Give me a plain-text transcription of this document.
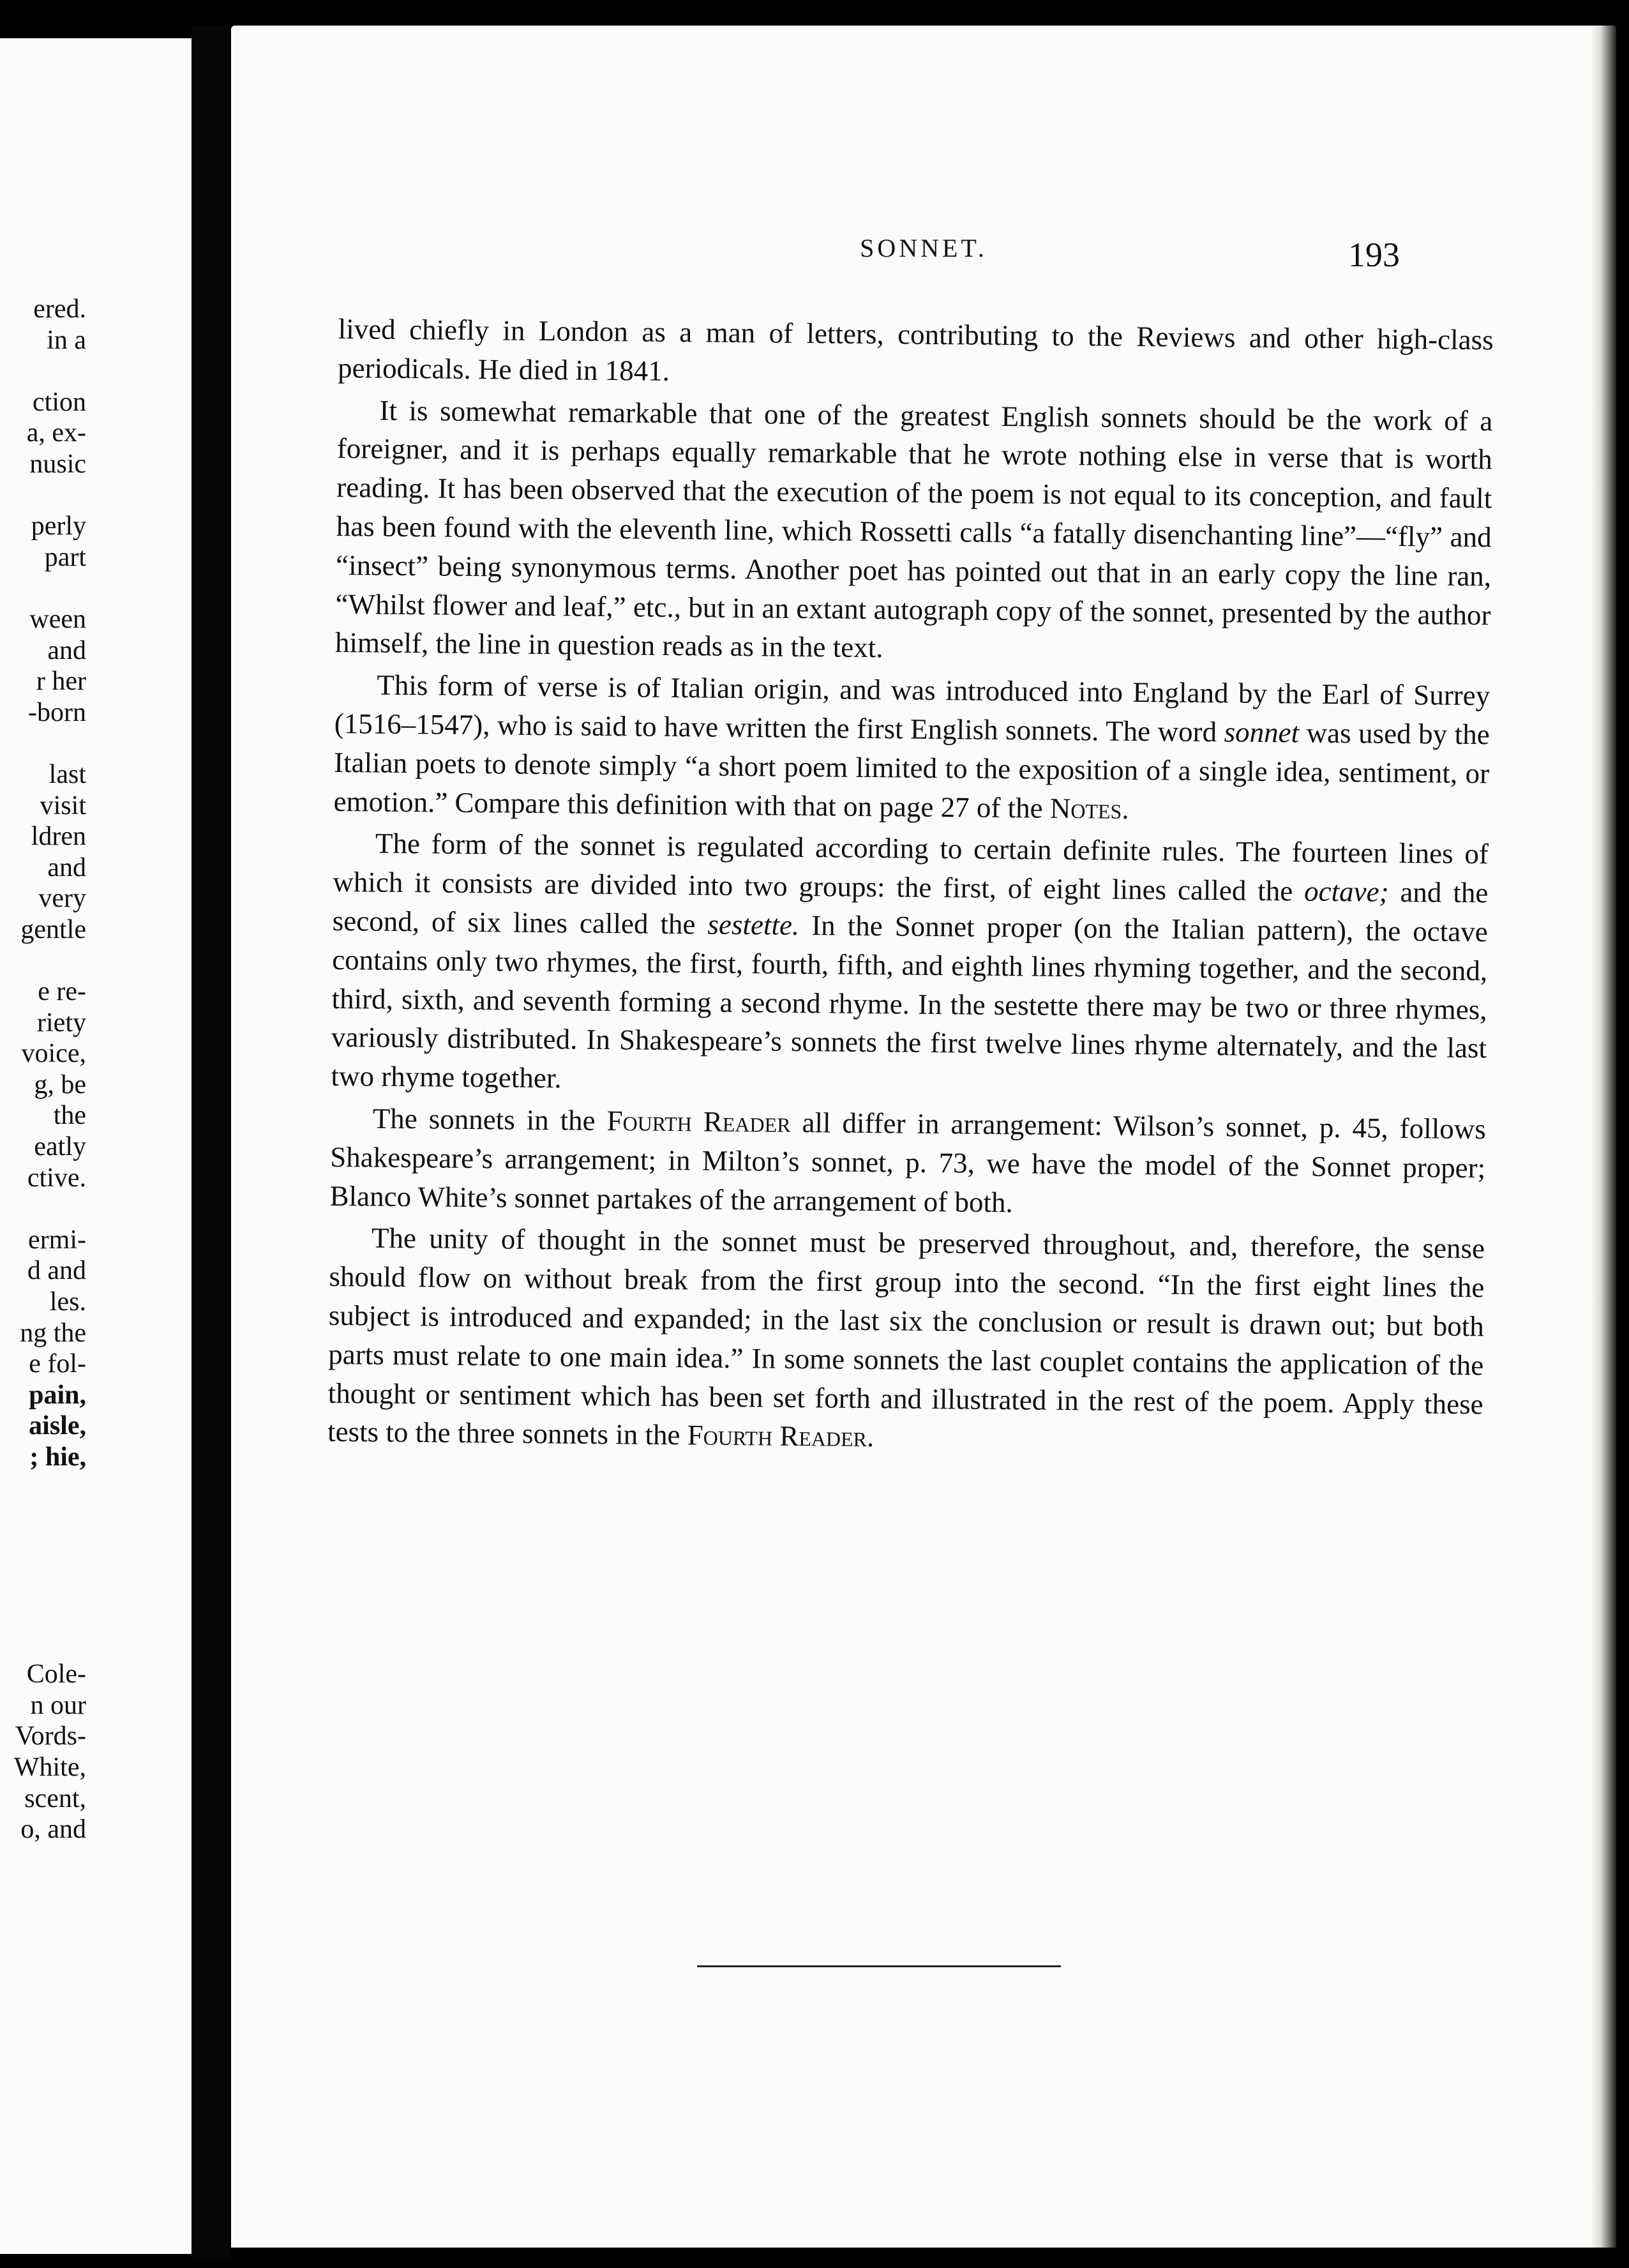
ered.
in a
ction
a, ex-
nusic
perly
part
ween
and
r her
-born
last
visit
ldren
and
very
gentle
e re-
riety
voice,
g, be
the
eatly
ctive.
ermi-
d and
les.
ng the
e fol-
pain,
aisle,
; hie,
Cole-
n our
Vords-
White,
scent,
o, and
SONNET.	193

lived chiefly in London as a man of letters, contributing to the Reviews and other high-class periodicals. He died in 1841.

It is somewhat remarkable that one of the greatest English sonnets should be the work of a foreigner, and it is perhaps equally remarkable that he wrote nothing else in verse that is worth reading. It has been observed that the execution of the poem is not equal to its conception, and fault has been found with the eleventh line, which Rossetti calls “a fatally disenchanting line”—“fly” and “insect” being synonymous terms. Another poet has pointed out that in an early copy the line ran, “Whilst flower and leaf,” etc., but in an extant autograph copy of the sonnet, presented by the author himself, the line in question reads as in the text.

This form of verse is of Italian origin, and was introduced into England by the Earl of Surrey (1516–1547), who is said to have written the first English sonnets. The word sonnet was used by the Italian poets to denote simply “a short poem limited to the exposition of a single idea, sentiment, or emotion.” Compare this definition with that on page 27 of the Notes.

The form of the sonnet is regulated according to certain definite rules. The fourteen lines of which it consists are divided into two groups: the first, of eight lines called the octave; and the second, of six lines called the sestette. In the Sonnet proper (on the Italian pattern), the octave contains only two rhymes, the first, fourth, fifth, and eighth lines rhyming together, and the second, third, sixth, and seventh forming a second rhyme. In the sestette there may be two or three rhymes, variously distributed. In Shakespeare’s sonnets the first twelve lines rhyme alternately, and the last two rhyme together.

The sonnets in the Fourth Reader all differ in arrangement: Wilson’s sonnet, p. 45, follows Shakespeare’s arrangement; in Milton’s sonnet, p. 73, we have the model of the Sonnet proper; Blanco White’s sonnet partakes of the arrangement of both.

The unity of thought in the sonnet must be preserved throughout, and, therefore, the sense should flow on without break from the first group into the second. “In the first eight lines the subject is introduced and expanded; in the last six the conclusion or result is drawn out; but both parts must relate to one main idea.” In some sonnets the last couplet contains the application of the thought or sentiment which has been set forth and illustrated in the rest of the poem. Apply these tests to the three sonnets in the Fourth Reader.
